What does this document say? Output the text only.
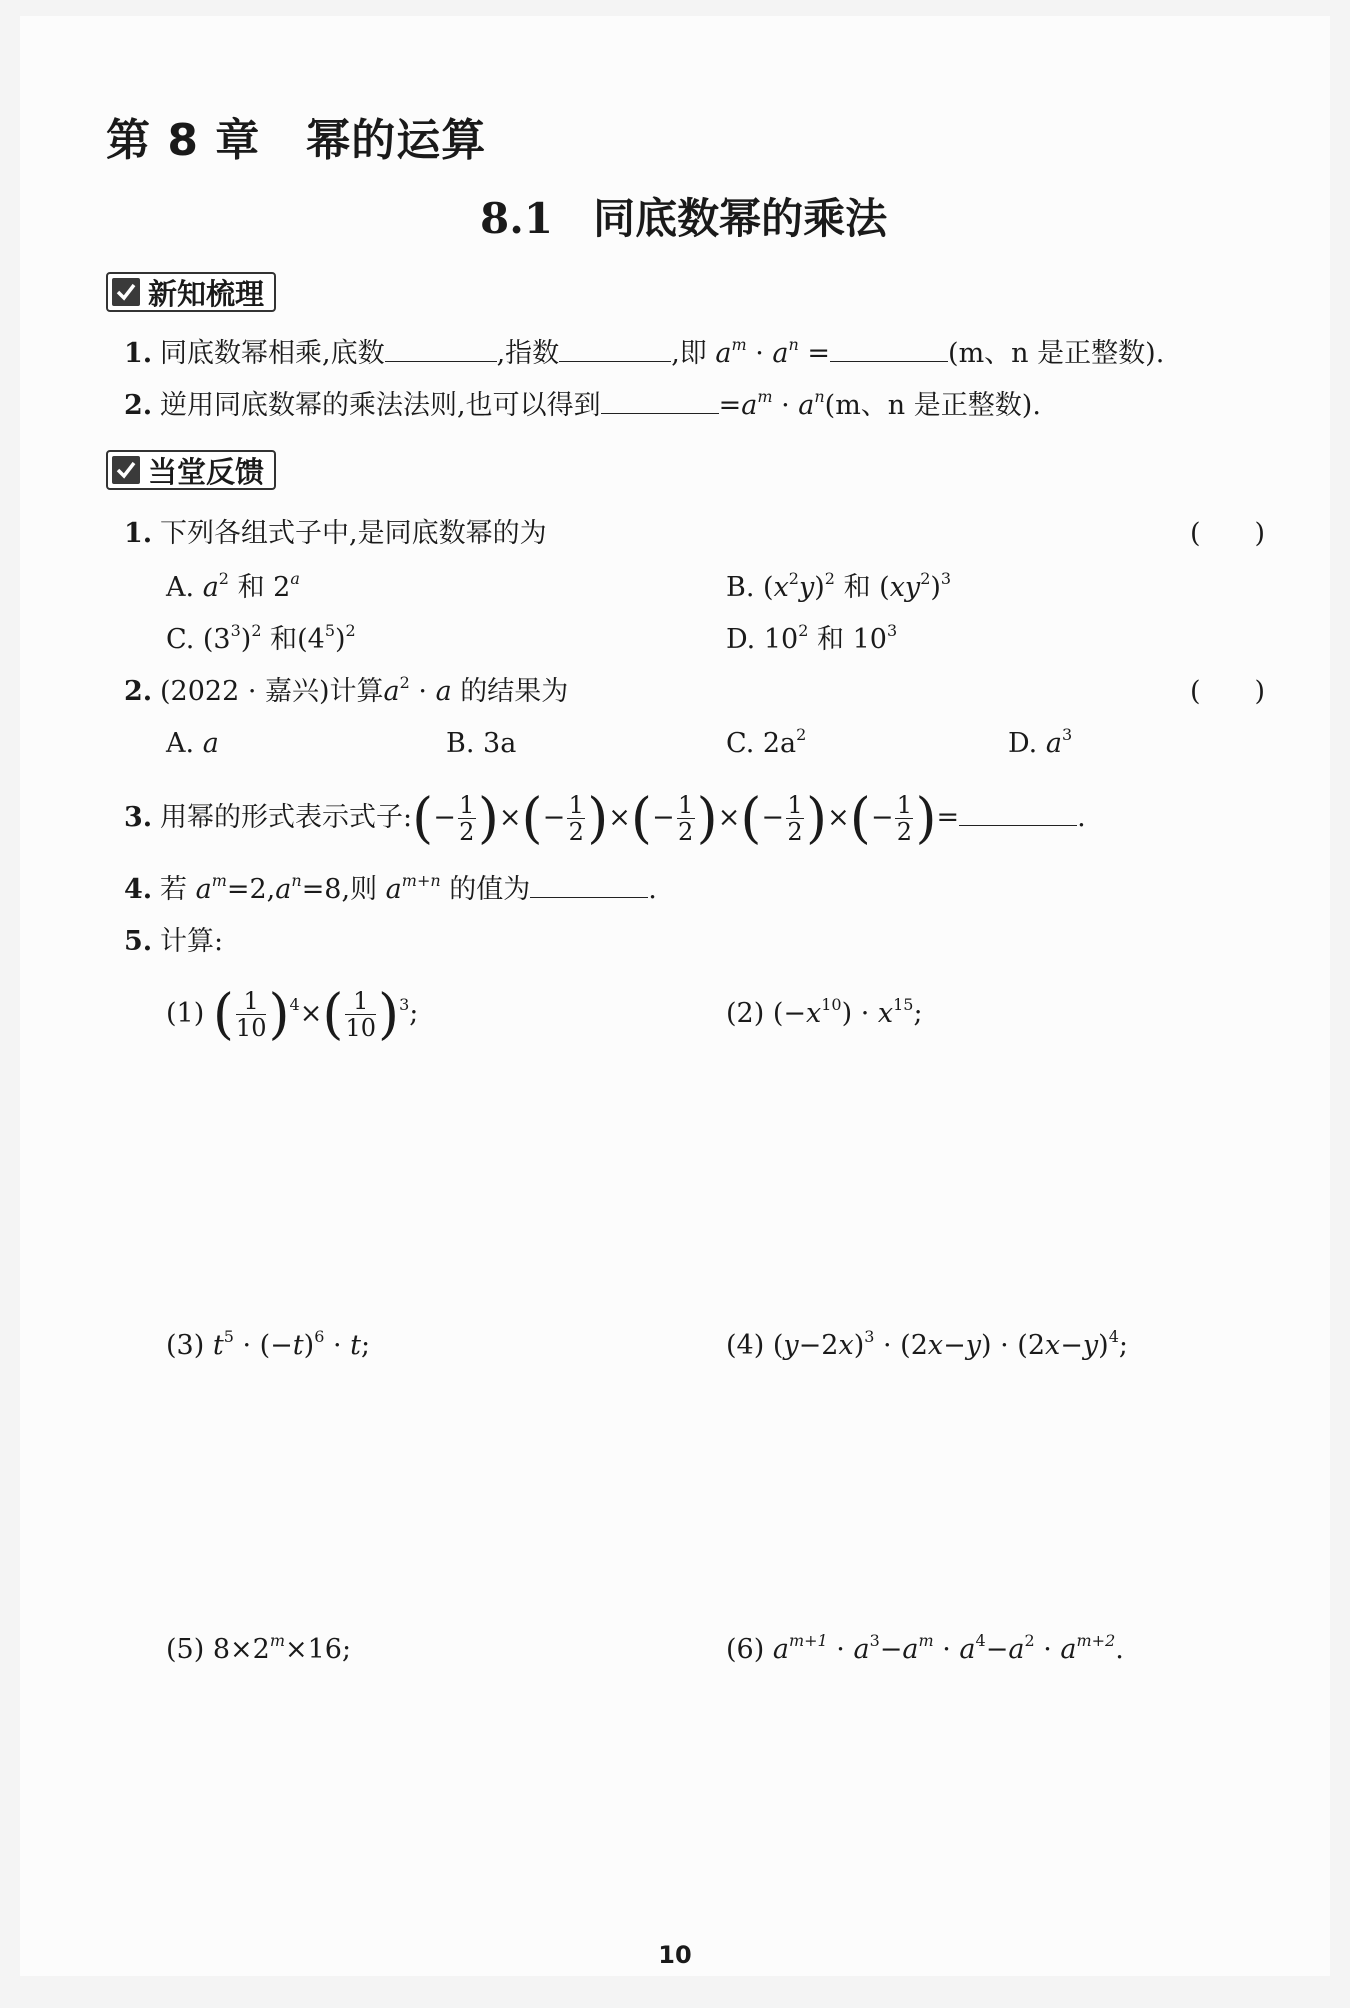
第 8 章 幂的运算
8.1 同底数幂的乘法
新知梳理
1. 同底数幂相乘,底数	,指数	,即 $a^m \cdot a^n$ =	(m、n 是正整数).
2. 逆用同底数幂的乘法法则,也可以得到	$=a^m \cdot a^n(m$、n 是正整数).
当堂反馈
1. 下列各组式子中,是同底数幂的为	(　　)
A. $a^2$ 和 2$^a$	B. $(x^2y)^2$ 和 $(xy^2)^3$
C. $(3^3)^2$ 和$(4^5)^2$	D. $10^2$ 和 $10^3$
2. (2022 · 嘉兴)计算$a^2 \cdot a$ 的结果为	(　　)
A. a	B. 3a	C. $2a^2$	D. $a^3$
3. 用幂的形式表示式子:(− $\frac{1}{2}$ )×(− $\frac{1}{2}$ )×(− $\frac{1}{2}$ )×(− $\frac{1}{2}$ )×(− $\frac{1}{2}$ )=	.
4. 若 $a^m=2,a^n=8$,则 $a^{m+n}$ 的值为	.
5. 计算:
(1) ( $\frac{1}{10} )^4\times( \frac{1}{10} )^3$;	(2) $(-x^{10}) \cdot x^{15}$;
(3) $t^5 \cdot (-t)^6 \cdot t$;	(4) $(y-2x)^3 \cdot (2x-y) \cdot (2x-y)^4$;
(5) $8\times 2^m\times 16$;	(6) $a^{m+1} \cdot a^3-a^m \cdot a^4-a^2 \cdot a^{m+2}$.
10
